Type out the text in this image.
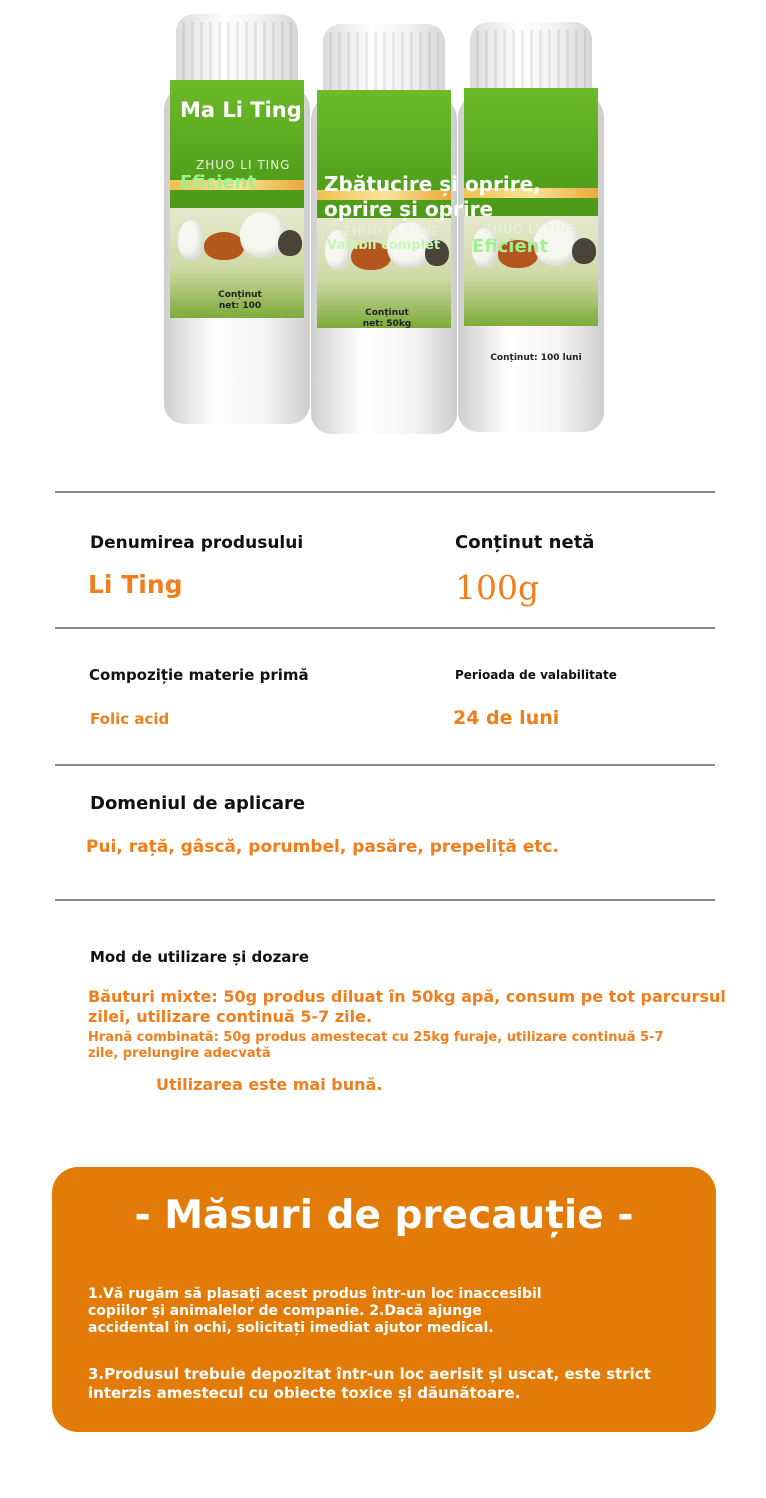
Ma Li Ting
ZHUO LI TING
Eficient
Conținut
net: 100
ZHUO LI TING
Valabil complet
Conținut
net: 50kg
Zbătucire și oprire,
oprire și oprire
ZHUO LI TING
Eficient
Conținut: 100 luni
Denumirea produsului
Li Ting
Conținut netă
100g
Compoziție materie primă
Folic acid
Perioada de valabilitate
24 de luni
Domeniul de aplicare
Pui, rață, gâscă, porumbel, pasăre, prepeliță etc.
Mod de utilizare și dozare
Băuturi mixte: 50g produs diluat în 50kg apă, consum pe tot parcursul
zilei, utilizare continuă 5-7 zile.
Hrană combinată: 50g produs amestecat cu 25kg furaje, utilizare continuă 5-7
zile, prelungire adecvată
Utilizarea este mai bună.
- Măsuri de precauție -
1.Vă rugăm să plasați acest produs într-un loc inaccesibil
copiilor și animalelor de companie. 2.Dacă ajunge
accidental în ochi, solicitați imediat ajutor medical.
3.Produsul trebuie depozitat într-un loc aerisit și uscat, este strict
interzis amestecul cu obiecte toxice și dăunătoare.
